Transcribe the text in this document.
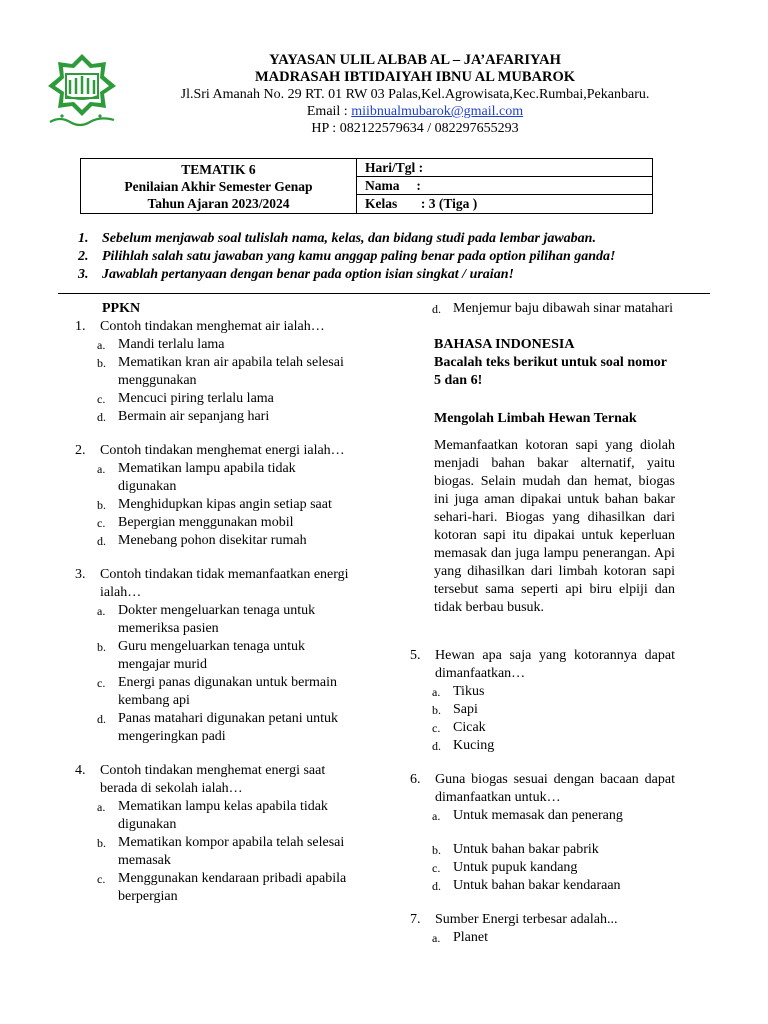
YAYASAN ULIL ALBAB AL – JA’AFARIYAH
MADRASAH IBTIDAIYAH IBNU AL MUBAROK
Jl.Sri Amanah No. 29 RT. 01 RW 03 Palas,Kel.Agrowisata,Kec.Rumbai,Pekanbaru.
Email : miibnualmubarok@gmail.com
HP : 082122579634 / 082297655293
TEMATIK 6
Penilaian Akhir Semester Genap
Tahun Ajaran 2023/2024

Hari/Tgl :
Nama     :
Kelas       : 3 (Tiga )
1. Sebelum menjawab soal tulislah nama, kelas, dan bidang studi pada lembar jawaban.
2. Pilihlah salah satu jawaban yang kamu anggap paling benar pada option pilihan ganda!
3. Jawablah pertanyaan dengan benar pada option isian singkat / uraian!
PPKN
1. Contoh tindakan menghemat air ialah…
a. Mandi terlalu lama
b. Mematikan kran air apabila telah selesai menggunakan
c. Mencuci piring terlalu lama
d. Bermain air sepanjang hari
2. Contoh tindakan menghemat energi ialah…
a. Mematikan lampu apabila tidak digunakan
b. Menghidupkan kipas angin setiap saat
c. Bepergian menggunakan mobil
d. Menebang pohon disekitar rumah
3. Contoh tindakan tidak memanfaatkan energi ialah…
a. Dokter mengeluarkan tenaga untuk memeriksa pasien
b. Guru mengeluarkan tenaga untuk mengajar murid
c. Energi panas digunakan untuk bermain kembang api
d. Panas matahari digunakan petani untuk mengeringkan padi
4. Contoh tindakan menghemat energi saat berada di sekolah ialah…
a. Mematikan lampu kelas apabila tidak digunakan
b. Mematikan kompor apabila telah selesai memasak
c. Menggunakan kendaraan pribadi apabila berpergian
d. Menjemur baju dibawah sinar matahari
BAHASA INDONESIA
Bacalah teks berikut untuk soal nomor 5 dan 6!
Mengolah Limbah Hewan Ternak
Memanfaatkan kotoran sapi yang diolah menjadi bahan bakar alternatif, yaitu biogas. Selain mudah dan hemat, biogas ini juga aman dipakai untuk bahan bakar sehari-hari. Biogas yang dihasilkan dari kotoran sapi itu dipakai untuk keperluan memasak dan juga lampu penerangan. Api yang dihasilkan dari limbah kotoran sapi tersebut sama seperti api biru elpiji dan tidak berbau busuk.
5. Hewan apa saja yang kotorannya dapat dimanfaatkan…
a. Tikus
b. Sapi
c. Cicak
d. Kucing
6. Guna biogas sesuai dengan bacaan dapat dimanfaatkan untuk…
a. Untuk memasak dan penerang
b. Untuk bahan bakar pabrik
c. Untuk pupuk kandang
d. Untuk bahan bakar kendaraan
7. Sumber Energi terbesar adalah...
a. Planet
